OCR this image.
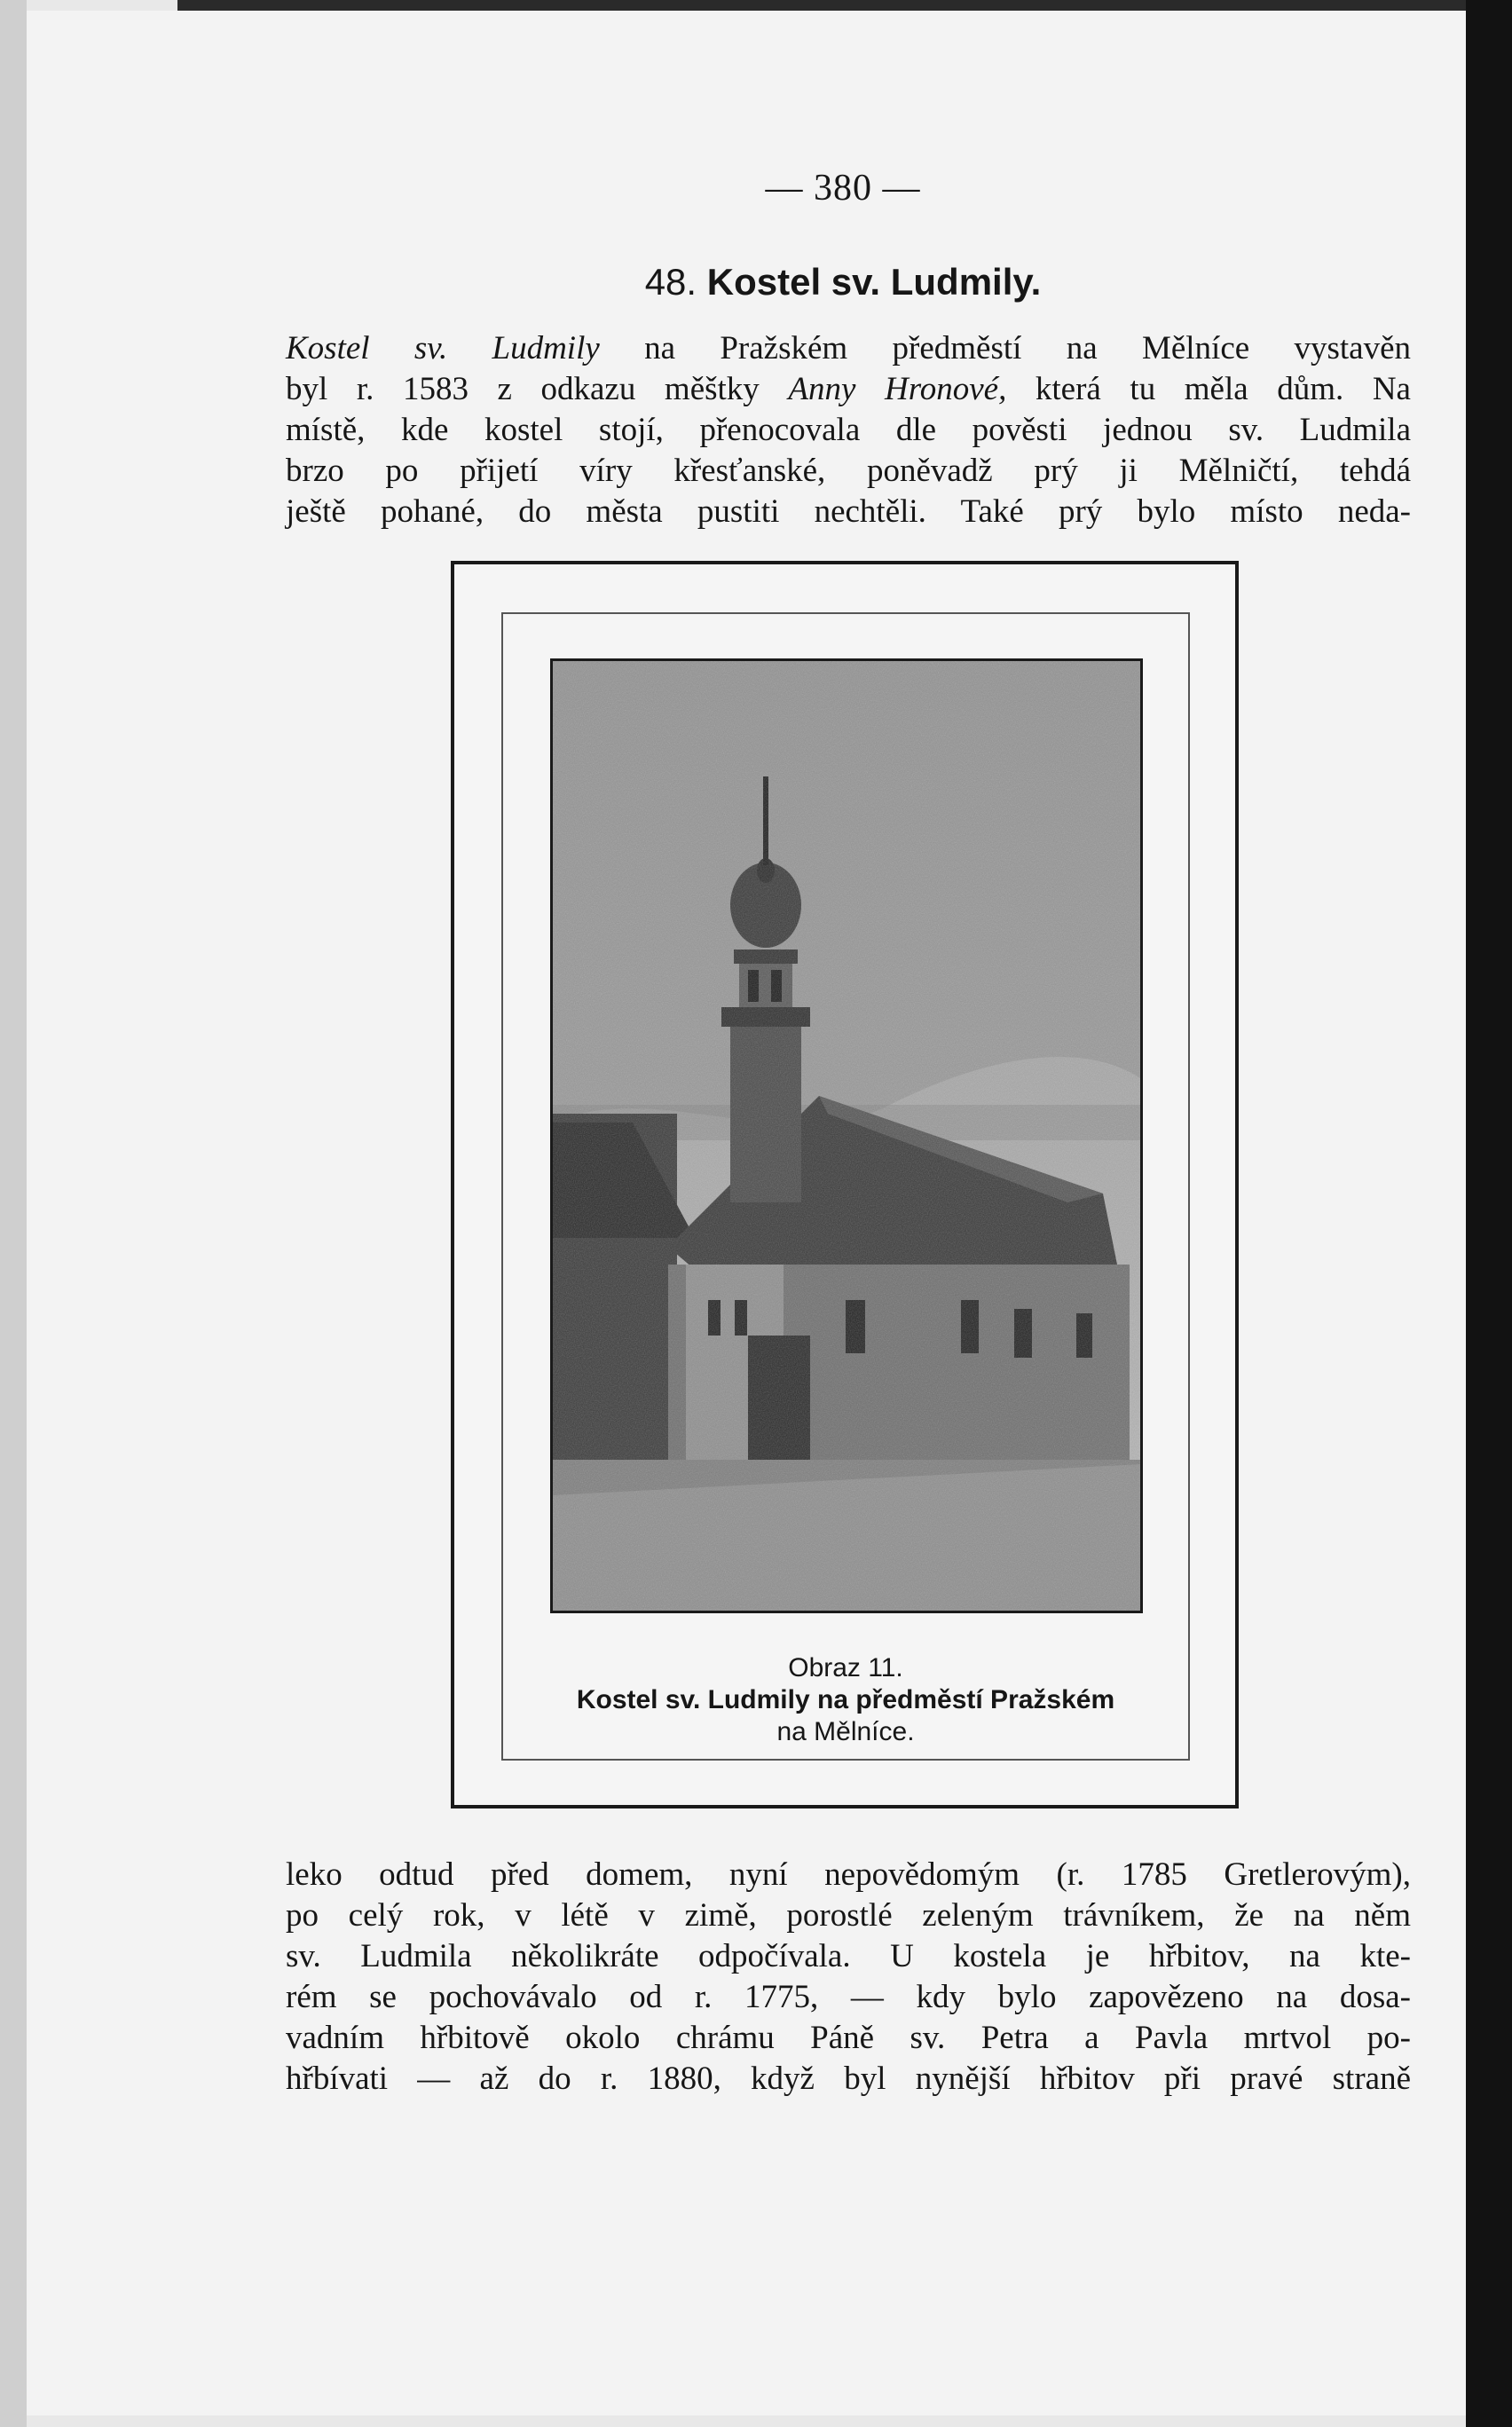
— 380 —
48. Kostel sv. Ludmily.

Kostel sv. Ludmily na Pražském předměstí na Mělníce vystavěn
byl r. 1583 z odkazu měštky Anny Hronové, která tu měla dům. Na
místě, kde kostel stojí, přenocovala dle pověsti jednou sv. Ludmila
brzo po přijetí víry křesťanské, poněvadž prý ji Mělničtí, tehdá
ještě pohané, do města pustiti nechtěli. Také prý bylo místo neda-

Obraz 11.
Kostel sv. Ludmily na předměstí Pražském
na Mělníce.

leko odtud před domem, nyní nepovědomým (r. 1785 Gretlerovým),
po celý rok, v létě v zimě, porostlé zeleným trávníkem, že na něm
sv. Ludmila několikráte odpočívala. U kostela je hřbitov, na kte-
rém se pochovávalo od r. 1775, — kdy bylo zapovězeno na dosa-
vadním hřbitově okolo chrámu Páně sv. Petra a Pavla mrtvol po-
hřbívati — až do r. 1880, když byl nynější hřbitov při pravé straně
